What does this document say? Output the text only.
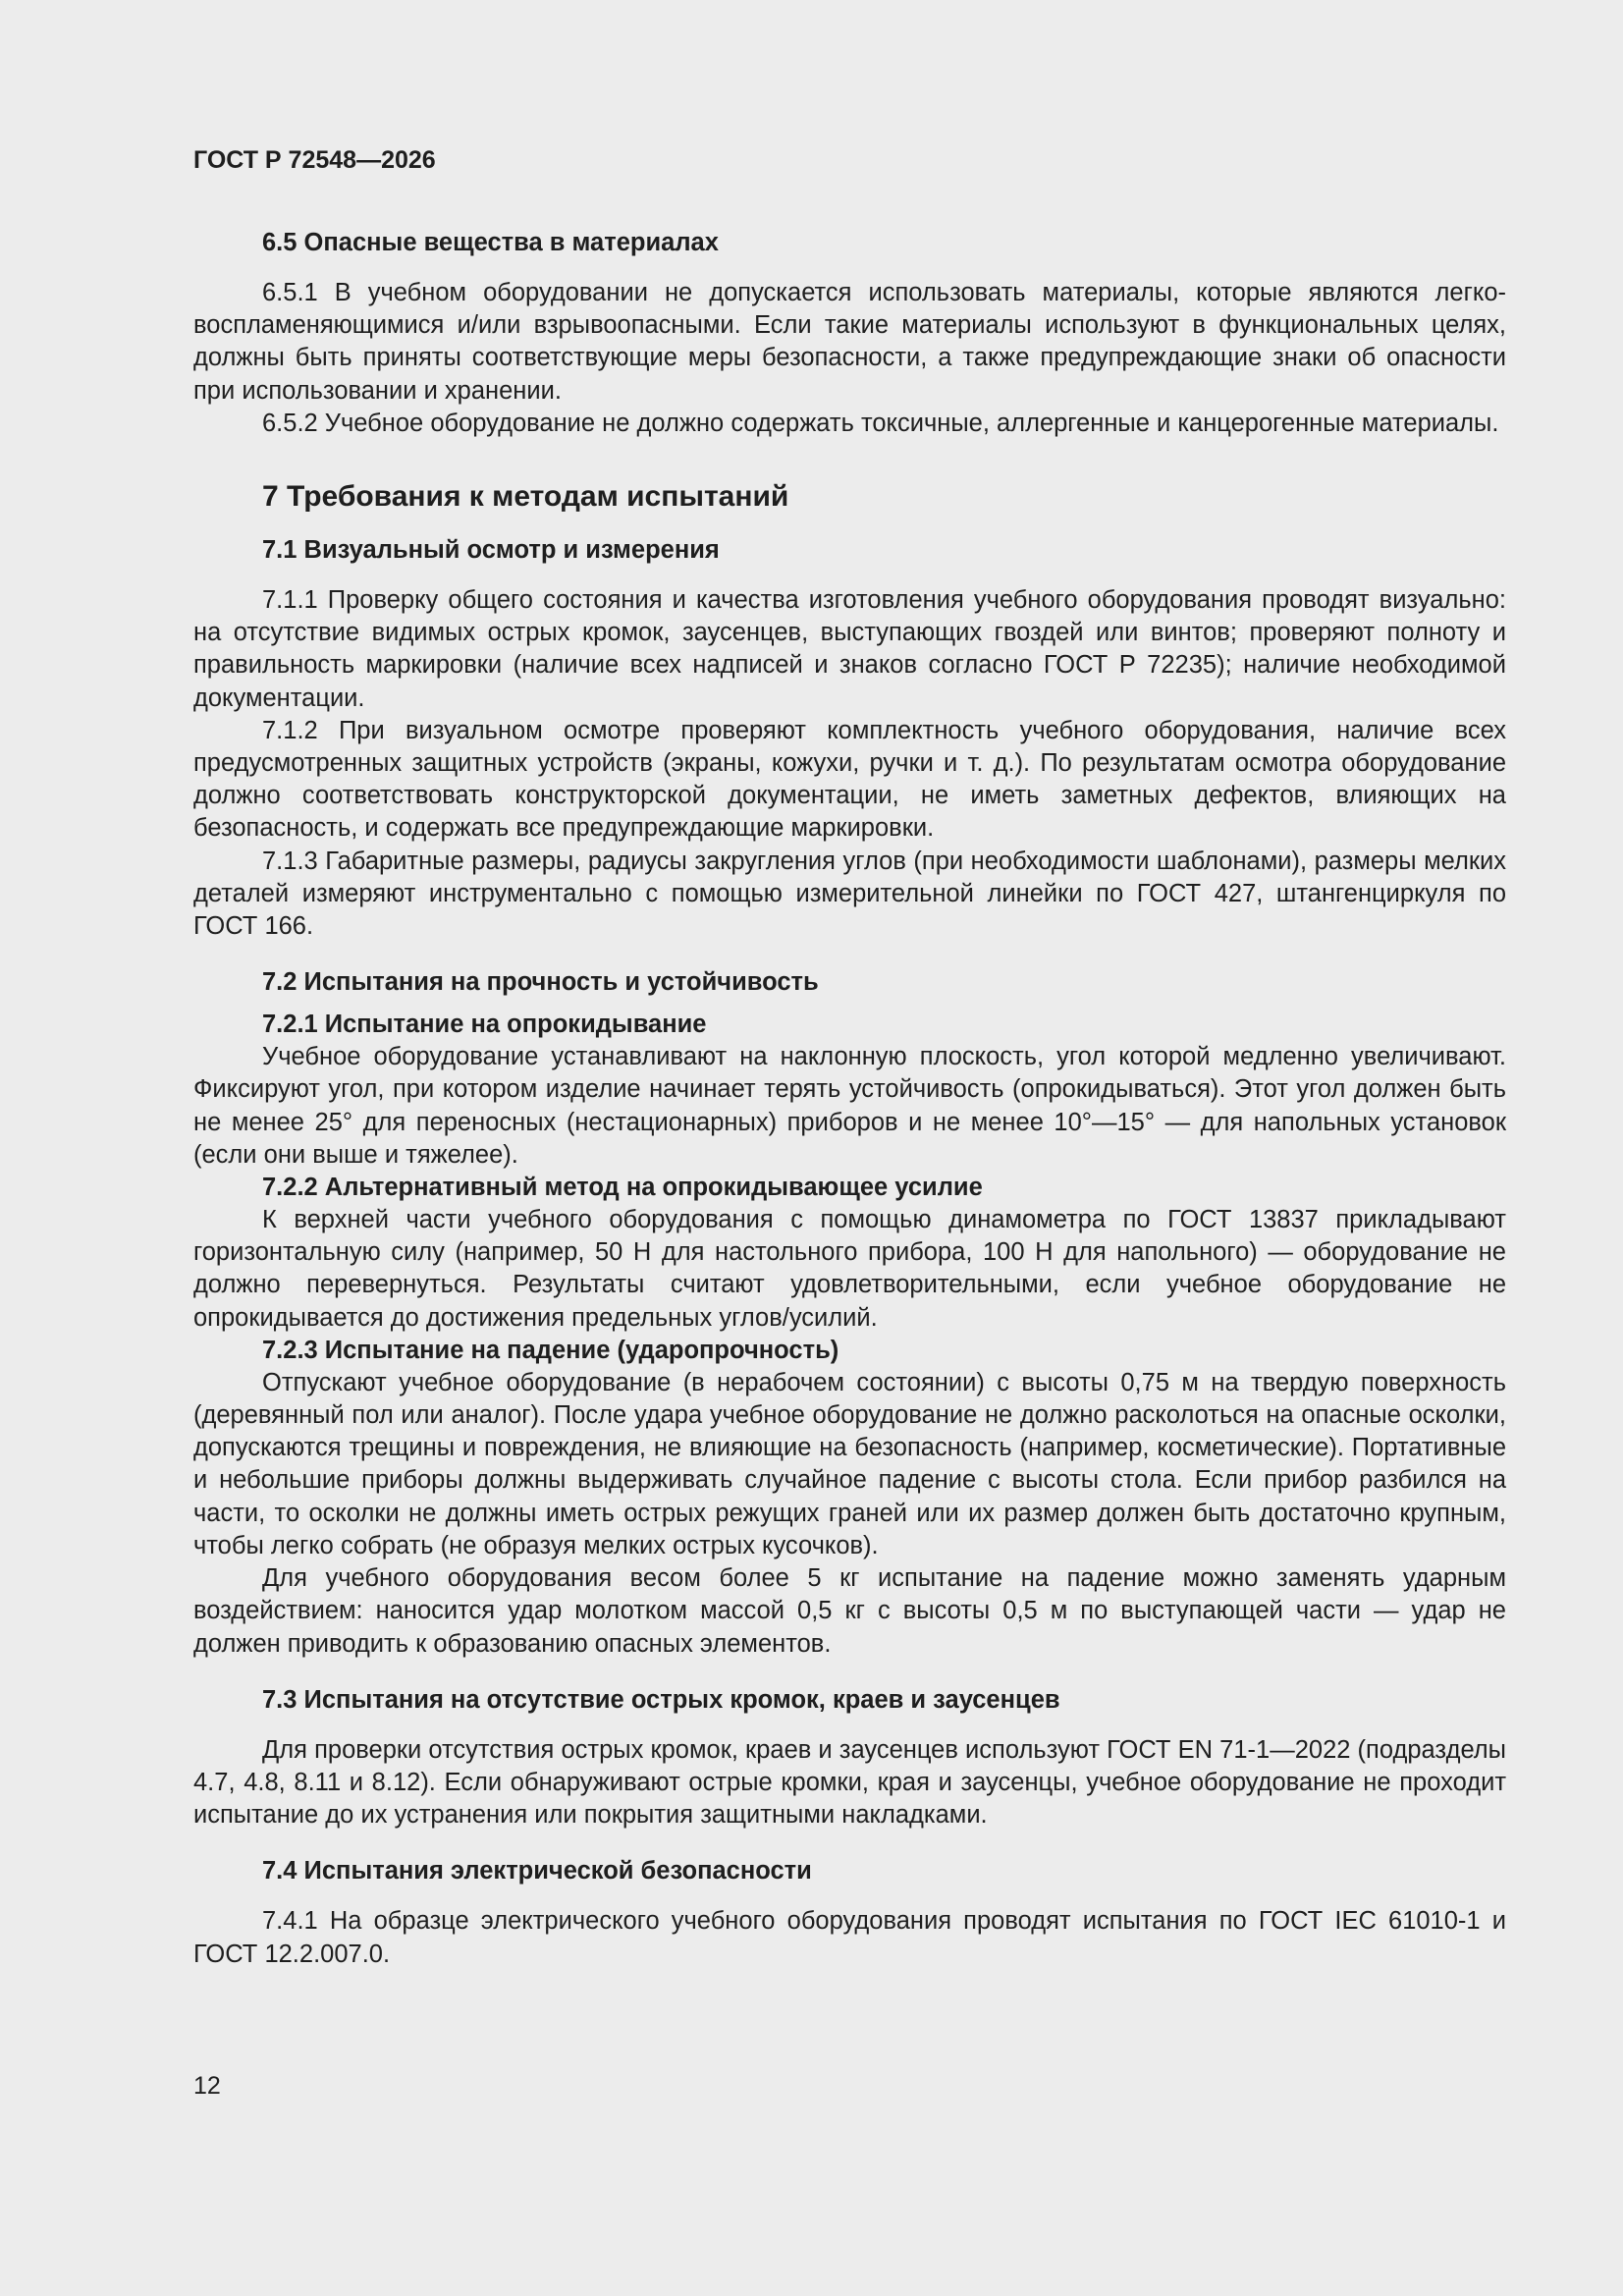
ГОСТ Р 72548—2026
6.5 Опасные вещества в материалах

6.5.1 В учебном оборудовании не допускается использовать материалы, которые являются легковоспламеняющимися и/или взрывоопасными. Если такие материалы используют в функциональных целях, должны быть приняты соответствующие меры безопасности, а также предупреждающие знаки об опасности при использовании и хранении.

6.5.2 Учебное оборудование не должно содержать токсичные, аллергенные и канцерогенные материалы.

7 Требования к методам испытаний
7.1 Визуальный осмотр и измерения

7.1.1 Проверку общего состояния и качества изготовления учебного оборудования проводят визуально: на отсутствие видимых острых кромок, заусенцев, выступающих гвоздей или винтов; проверяют полноту и правильность маркировки (наличие всех надписей и знаков согласно ГОСТ Р 72235); наличие необходимой документации.

7.1.2 При визуальном осмотре проверяют комплектность учебного оборудования, наличие всех предусмотренных защитных устройств (экраны, кожухи, ручки и т. д.). По результатам осмотра оборудование должно соответствовать конструкторской документации, не иметь заметных дефектов, влияющих на безопасность, и содержать все предупреждающие маркировки.

7.1.3 Габаритные размеры, радиусы закругления углов (при необходимости шаблонами), размеры мелких деталей измеряют инструментально с помощью измерительной линейки по ГОСТ 427, штангенциркуля по ГОСТ 166.

7.2 Испытания на прочность и устойчивость
7.2.1 Испытание на опрокидывание

Учебное оборудование устанавливают на наклонную плоскость, угол которой медленно увеличивают. Фиксируют угол, при котором изделие начинает терять устойчивость (опрокидываться). Этот угол должен быть не менее 25° для переносных (нестационарных) приборов и не менее 10°—15° — для напольных установок (если они выше и тяжелее).

7.2.2 Альтернативный метод на опрокидывающее усилие

К верхней части учебного оборудования с помощью динамометра по ГОСТ 13837 прикладывают горизонтальную силу (например, 50 Н для настольного прибора, 100 Н для напольного) — оборудование не должно перевернуться. Результаты считают удовлетворительными, если учебное оборудование не опрокидывается до достижения предельных углов/усилий.

7.2.3 Испытание на падение (ударопрочность)

Отпускают учебное оборудование (в нерабочем состоянии) с высоты 0,75 м на твердую поверхность (деревянный пол или аналог). После удара учебное оборудование не должно расколоться на опасные осколки, допускаются трещины и повреждения, не влияющие на безопасность (например, косметические). Портативные и небольшие приборы должны выдерживать случайное падение с высоты стола. Если прибор разбился на части, то осколки не должны иметь острых режущих граней или их размер должен быть достаточно крупным, чтобы легко собрать (не образуя мелких острых кусочков).

Для учебного оборудования весом более 5 кг испытание на падение можно заменять ударным воздействием: наносится удар молотком массой 0,5 кг с высоты 0,5 м по выступающей части — удар не должен приводить к образованию опасных элементов.

7.3 Испытания на отсутствие острых кромок, краев и заусенцев

Для проверки отсутствия острых кромок, краев и заусенцев используют ГОСТ EN 71-1—2022 (подразделы 4.7, 4.8, 8.11 и 8.12). Если обнаруживают острые кромки, края и заусенцы, учебное оборудование не проходит испытание до их устранения или покрытия защитными накладками.

7.4 Испытания электрической безопасности

7.4.1 На образце электрического учебного оборудования проводят испытания по ГОСТ IEC 61010-1 и ГОСТ 12.2.007.0.

12
